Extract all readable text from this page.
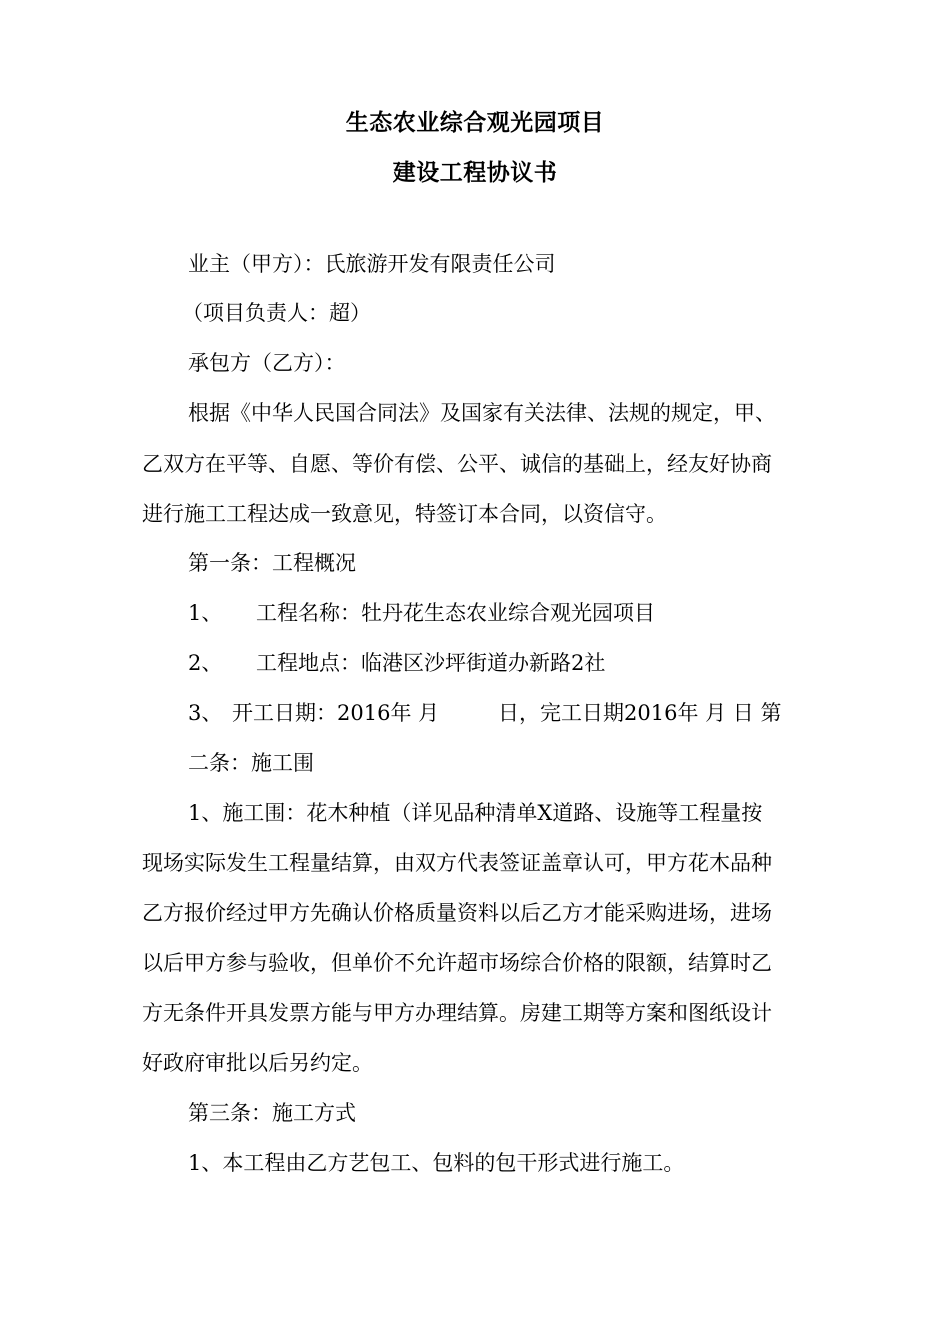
生态农业综合观光园项目
建设工程协议书
业主（甲方）：氏旅游开发有限责任公司
（项目负责人：超）
承包方（乙方）：
根据《中华人民国合同法》及国家有关法律、法规的规定，甲、
乙双方在平等、自愿、等价有偿、公平、诚信的基础上，经友好协商
进行施工工程达成一致意见，特签订本合同，以资信守。
第一条：工程概况
1、 工程名称：牡丹花生态农业综合观光园项目
2、 工程地点：临港区沙坪街道办新路2社
3、 开工日期：2016年 月	日，完工日期2016年 月 日 第
二条：施工围
1、施工围：花木种植（详见品种清单X道路、设施等工程量按
现场实际发生工程量结算，由双方代表签证盖章认可，甲方花木品种
乙方报价经过甲方先确认价格质量资料以后乙方才能采购进场，进场
以后甲方参与验收，但单价不允许超市场综合价格的限额，结算时乙
方无条件开具发票方能与甲方办理结算。房建工期等方案和图纸设计
好政府审批以后另约定。
第三条：施工方式
1、本工程由乙方艺包工、包料的包干形式进行施工。
